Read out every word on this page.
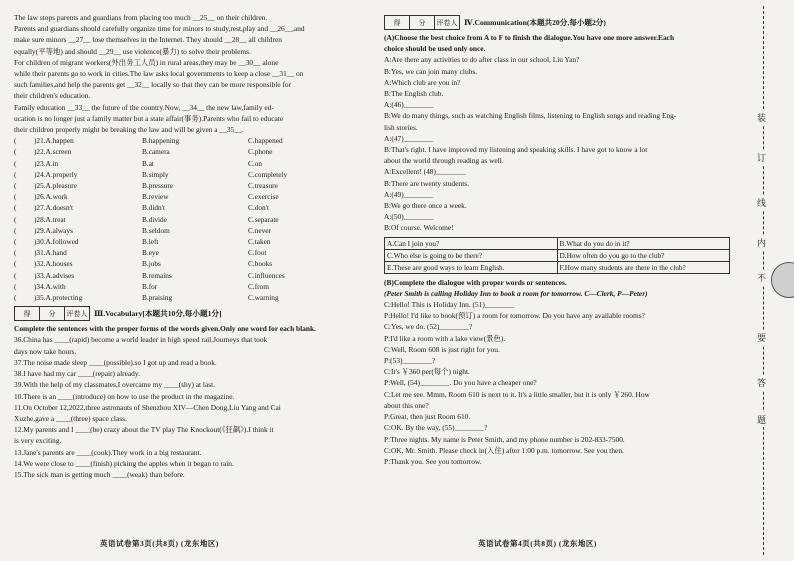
The law stops parents and guardians from placing too much __25__ on their children.
Parents and guardians should carefully organize time for minors to study,rest,play and __26__,and
make sure minors __27__ lose themselves in the Internet. They should __28__ all children
equally(平等地) and should __29__ use violence(暴力) to solve their problems.
For children of migrant workers(外出务工人员) in rural areas,they may be __30__ alone
while their parents go to work in cities.The law asks local governments to keep a close __31__ on
such families,and help the parents get __32__ locally so that they can be more responsible for
their children's education.
Family education __33__ the future of the country.Now, __34__ the new law,family ed-
ucation is no longer just a family matter but a state affair(事务).Parents who fail to educate
their children properly might be breaking the law and will be given a __35__.
(	)21.A.happen	B.happening	C.happened
(	)22.A.screen	B.camera	C.phone
(	)23.A.in	B.at	C.on
(	)24.A.properly	B.simply	C.completely
(	)25.A.pleasure	B.pressure	C.treasure
(	)26.A.work	B.review	C.exercise
(	)27.A.doesn't	B.didn't	C.don't
(	)28.A.treat	B.divide	C.separate
(	)29.A.always	B.seldom	C.never
(	)30.A.followed	B.left	C.taken
(	)31.A.hand	B.eye	C.foot
(	)32.A.houses	B.jobs	C.books
(	)33.A.advises	B.remains	C.influences
(	)34.A.with	B.for	C.from
(	)35.A.protecting	B.praising	C.warning
得	分	评卷人 Ⅲ.Vocabulary[本题共10分,每小题1分]
Complete the sentences with the proper forms of the words given.Only one word for each blank.
36.China has ____(rapid) become a world leader in high speed rail.Journeys that took
days now take hours.
37.The noise made sleep ____(possible).so I got up and read a book.
38.I have had my car ____(repair) already.
39.With the help of my classmates,I overcame my ____(shy) at last.
10.There is an ____(introduce) on how to use the product in the magazine.
11.On October 12,2022,three astronauts of Shenzhou XIV—Chen Dong,Liu Yang and Cai
Xuzhe,gave a ____(three) space class.
12.My parents and I ____(be) crazy about the TV play The Knockout(《狂飙》).I think it
is very exciting.
13.Jane's parents are ____(cook).They work in a big restaurant.
14.We were close to ____(finish) picking the apples when it began to rain.
15.The sick man is getting much ____(weak) than before.
英语试卷第3页(共8页) (龙东地区)
得	分	评卷人 Ⅳ.Communication(本题共20分,每小题2分)
(A)Choose the best choice from A to F to finish the dialogue.You have one more answer.Each
choice should be used only once.
A:Are there any activities to do after class in our school, Liu Yan?
B:Yes, we can join many clubs.
A:Which club are you in?
B:The English club.
A:(46)________
B:We do many things, such as watching English films, listening to English songs and reading Eng-
lish stories.
A:(47)________
B:That's right. I have improved my listening and speaking skills. I have got to know a lot
about the world through reading as well.
A:Excellent! (48)________
B:There are twenty students.
A:(49)________
B:We go there once a week.
A:(50)________
B:Of course. Welcome!
A.Can I join you?	B.What do you do in it?
C.Who else is going to be there?	D.How often do you go to the club?
E.These are good ways to learn English.	F.How many students are there in the club?
(B)Complete the dialogue with proper words or sentences.
(Peter Smith is calling Holiday Inn to book a room for tomorrow. C—Clerk, P—Peter)
C:Hello! This is Holiday Inn. (51)________
P:Hello! I'd like to book(预订) a room for tomorrow. Do you have any available rooms?
C:Yes, we do. (52)________?
P:I'd like a room with a lake view(景色).
C:Well, Room 608 is just right for you.
P:(53)________?
C:It's ￥360 per(每个) night.
P:Well, (54)________. Do you have a cheaper one?
C:Let me see. Mmm, Room 610 is next to it. It's a little smaller, but it is only ￥260. How
about this one?
P:Great, then just Room 610.
C:OK. By the way, (55)________?
P:Three nights. My name is Peter Smith, and my phone number is 202-833-7500.
C:OK, Mr. Smith. Please check in(入住) after 1:00 p.m. tomorrow. See you then.
P:Thank you. See you tomorrow.
英语试卷第4页(共8页) (龙东地区)
装
订
线
内
不
要
答
题
